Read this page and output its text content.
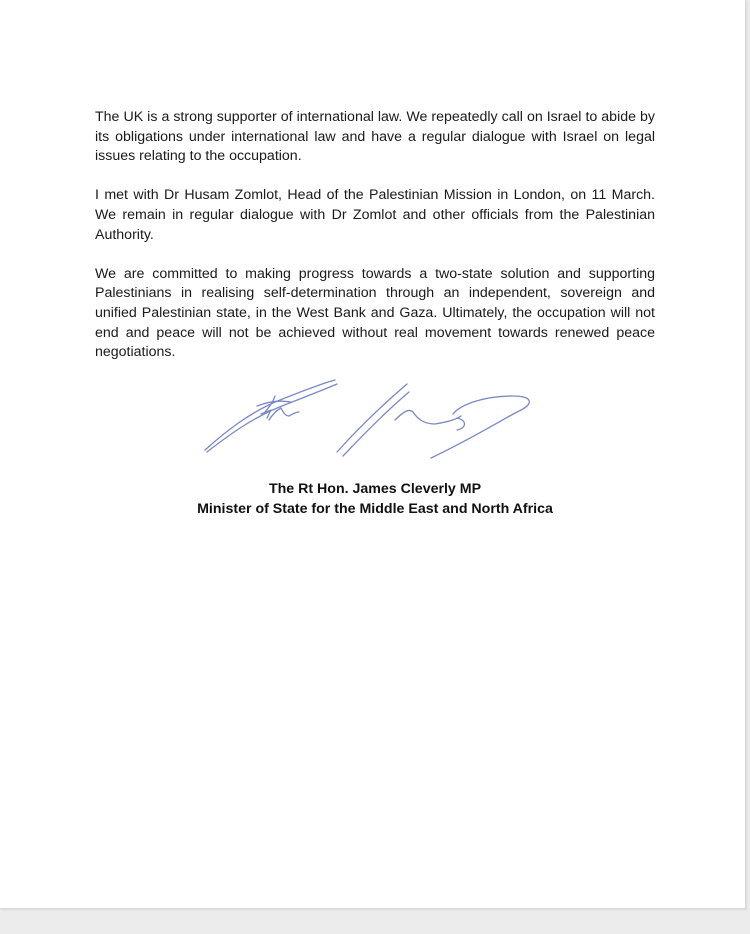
The UK is a strong supporter of international law. We repeatedly call on Israel to abide by its obligations under international law and have a regular dialogue with Israel on legal issues relating to the occupation.

I met with Dr Husam Zomlot, Head of the Palestinian Mission in London, on 11 March. We remain in regular dialogue with Dr Zomlot and other officials from the Palestinian Authority.

We are committed to making progress towards a two-state solution and supporting Palestinians in realising self-determination through an independent, sovereign and unified Palestinian state, in the West Bank and Gaza. Ultimately, the occupation will not end and peace will not be achieved without real movement towards renewed peace negotiations.

The Rt Hon. James Cleverly MP
Minister of State for the Middle East and North Africa
